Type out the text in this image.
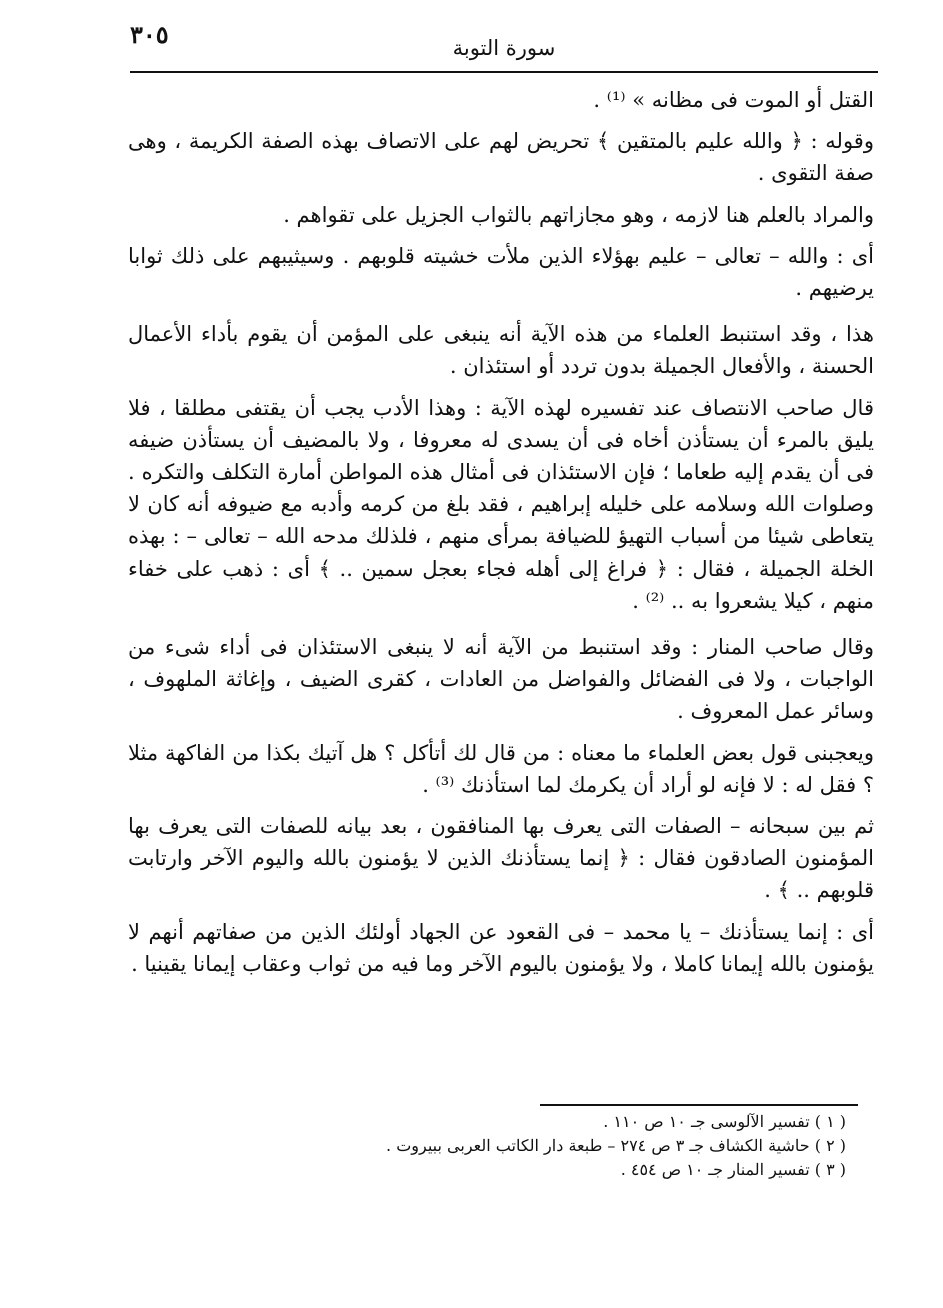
٣٠٥	سورة التوبة

القتل أو الموت فى مظانه » ⁽¹⁾ .

وقوله : ﴿ والله عليم بالمتقين ﴾ تحريض لهم على الاتصاف بهذه الصفة الكريمة ، وهى صفة التقوى .

والمراد بالعلم هنا لازمه ، وهو مجازاتهم بالثواب الجزيل على تقواهم .

أى : والله – تعالى – عليم بهؤلاء الذين ملأت خشيته قلوبهم . وسيثيبهم على ذلك ثوابا يرضيهم .

هذا ، وقد استنبط العلماء من هذه الآية أنه ينبغى على المؤمن أن يقوم بأداء الأعمال الحسنة ، والأفعال الجميلة بدون تردد أو استئذان .

قال صاحب الانتصاف عند تفسيره لهذه الآية : وهذا الأدب يجب أن يقتفى مطلقا ، فلا يليق بالمرء أن يستأذن أخاه فى أن يسدى له معروفا ، ولا بالمضيف أن يستأذن ضيفه فى أن يقدم إليه طعاما ؛ فإن الاستئذان فى أمثال هذه المواطن أمارة التكلف والتكره . وصلوات الله وسلامه على خليله إبراهيم ، فقد بلغ من كرمه وأدبه مع ضيوفه أنه كان لا يتعاطى شيئا من أسباب التهيؤ للضيافة بمرأى منهم ، فلذلك مدحه الله – تعالى – : بهذه الخلة الجميلة ، فقال : ﴿ فراغ إلى أهله فجاء بعجل سمين .. ﴾ أى : ذهب على خفاء منهم ، كيلا يشعروا به .. ⁽²⁾ .

وقال صاحب المنار : وقد استنبط من الآية أنه لا ينبغى الاستئذان فى أداء شىء من الواجبات ، ولا فى الفضائل والفواضل من العادات ، كقرى الضيف ، وإغاثة الملهوف ، وسائر عمل المعروف .

ويعجبنى قول بعض العلماء ما معناه : من قال لك أتأكل ؟ هل آتيك بكذا من الفاكهة مثلا ؟ فقل له : لا فإنه لو أراد أن يكرمك لما استأذنك ⁽³⁾ .

ثم بين سبحانه – الصفات التى يعرف بها المنافقون ، بعد بيانه للصفات التى يعرف بها المؤمنون الصادقون فقال : ﴿ إنما يستأذنك الذين لا يؤمنون بالله واليوم الآخر وارتابت قلوبهم .. ﴾ .

أى : إنما يستأذنك – يا محمد – فى القعود عن الجهاد أولئك الذين من صفاتهم أنهم لا يؤمنون بالله إيمانا كاملا ، ولا يؤمنون باليوم الآخر وما فيه من ثواب وعقاب إيمانا يقينيا .

( ١ ) تفسير الآلوسى جـ ١٠ ص ١١٠ .

( ٢ ) حاشية الكشاف جـ ٣ ص ٢٧٤ – طبعة دار الكاتب العربى ببيروت .

( ٣ ) تفسير المنار جـ ١٠ ص ٤٥٤ .
